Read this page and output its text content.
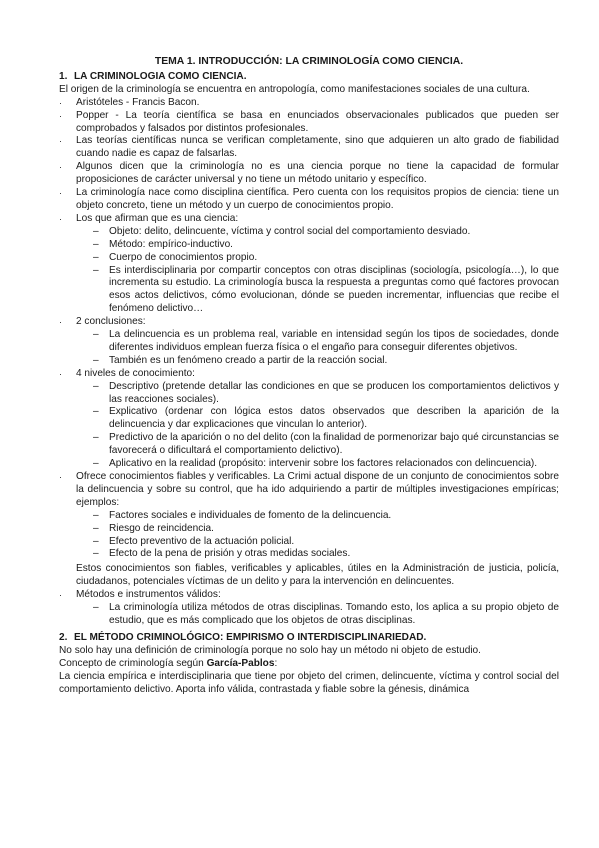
TEMA 1. INTRODUCCIÓN: LA CRIMINOLOGÍA COMO CIENCIA.
1. LA CRIMINOLOGIA COMO CIENCIA.

El origen de la criminología se encuentra en antropología, como manifestaciones sociales de una cultura.

· Aristóteles - Francis Bacon.
· Popper - La teoría científica se basa en enunciados observacionales publicados que pueden ser comprobados y falsados por distintos profesionales.
· Las teorías científicas nunca se verifican completamente, sino que adquieren un alto grado de fiabilidad cuando nadie es capaz de falsarlas.
· Algunos dicen que la criminología no es una ciencia porque no tiene la capacidad de formular proposiciones de carácter universal y no tiene un método unitario y específico.
· La criminología nace como disciplina científica. Pero cuenta con los requisitos propios de ciencia: tiene un objeto concreto, tiene un método y un cuerpo de conocimientos propio.
· Los que afirman que es una ciencia:
– Objeto: delito, delincuente, víctima y control social del comportamiento desviado.
– Método: empírico-inductivo.
– Cuerpo de conocimientos propio.
– Es interdisciplinaria por compartir conceptos con otras disciplinas (sociología, psicología…), lo que incrementa su estudio. La criminología busca la respuesta a preguntas como qué factores provocan esos actos delictivos, cómo evolucionan, dónde se pueden incrementar, influencias que recibe el fenómeno delictivo…
· 2 conclusiones:
– La delincuencia es un problema real, variable en intensidad según los tipos de sociedades, donde diferentes individuos emplean fuerza física o el engaño para conseguir diferentes objetivos.
– También es un fenómeno creado a partir de la reacción social.
· 4 niveles de conocimiento:
– Descriptivo (pretende detallar las condiciones en que se producen los comportamientos delictivos y las reacciones sociales).
– Explicativo (ordenar con lógica estos datos observados que describen la aparición de la delincuencia y dar explicaciones que vinculan lo anterior).
– Predictivo de la aparición o no del delito (con la finalidad de pormenorizar bajo qué circunstancias se favorecerá o dificultará el comportamiento delictivo).
– Aplicativo en la realidad (propósito: intervenir sobre los factores relacionados con delincuencia).
· Ofrece conocimientos fiables y verificables. La Crimi actual dispone de un conjunto de conocimientos sobre la delincuencia y sobre su control, que ha ido adquiriendo a partir de múltiples investigaciones empíricas; ejemplos:
– Factores sociales e individuales de fomento de la delincuencia.
– Riesgo de reincidencia.
– Efecto preventivo de la actuación policial.
– Efecto de la pena de prisión y otras medidas sociales.
Estos conocimientos son fiables, verificables y aplicables, útiles en la Administración de justicia, policía, ciudadanos, potenciales víctimas de un delito y para la intervención en delincuentes.
· Métodos e instrumentos válidos:
– La criminología utiliza métodos de otras disciplinas. Tomando esto, los aplica a su propio objeto de estudio, que es más complicado que los objetos de otras disciplinas.
2. EL MÉTODO CRIMINOLÓGICO: EMPIRISMO O INTERDISCIPLINARIEDAD.

No solo hay una definición de criminología porque no solo hay un método ni objeto de estudio.

Concepto de criminología según García-Pablos:

La ciencia empírica e interdisciplinaria que tiene por objeto del crimen, delincuente, víctima y control social del comportamiento delictivo. Aporta info válida, contrastada y fiable sobre la génesis, dinámica
